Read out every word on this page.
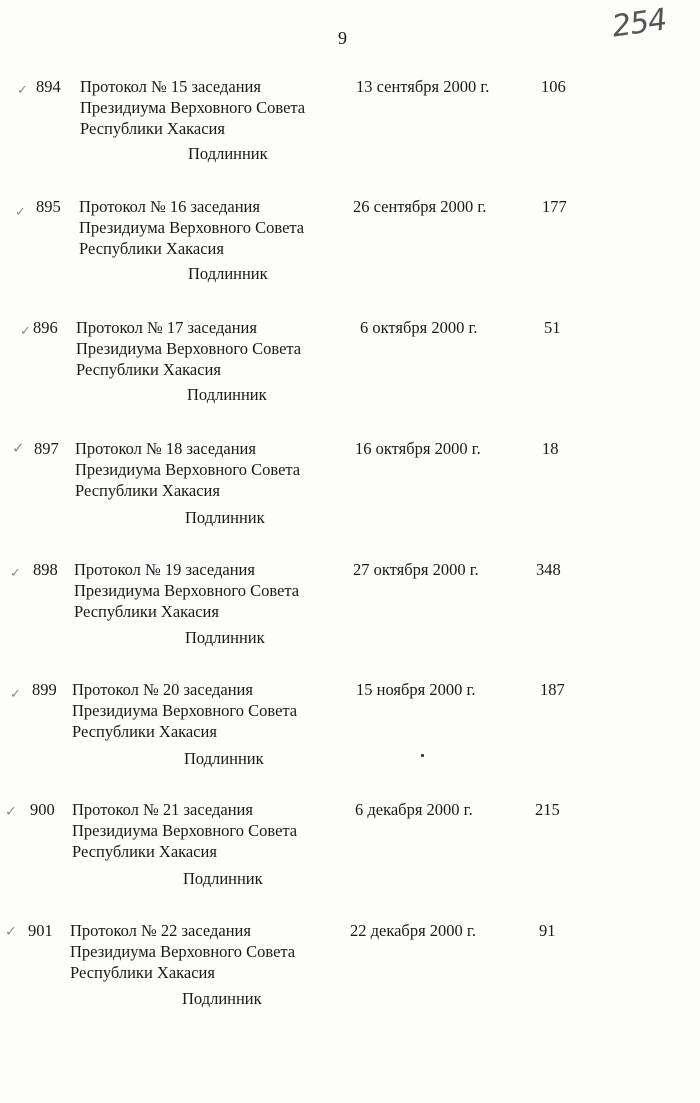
9	254
✓ 894 Протокол № 15 заседания
Президиума Верховного Совета
Республики Хакасия
13 сентября 2000 г.	106
Подлинник
✓ 895 Протокол № 16 заседания
Президиума Верховного Совета
Республики Хакасия
26 сентября 2000 г.	177
Подлинник
✓ 896 Протокол № 17 заседания
Президиума Верховного Совета
Республики Хакасия
6 октября 2000 г.	51
Подлинник
✓ 897 Протокол № 18 заседания
Президиума Верховного Совета
Республики Хакасия
16 октября 2000 г.	18
Подлинник
✓ 898 Протокол № 19 заседания
Президиума Верховного Совета
Республики Хакасия
27 октября 2000 г.	348
Подлинник
✓ 899 Протокол № 20 заседания
Президиума Верховного Совета
Республики Хакасия
15 ноября 2000 г.	187
Подлинник
✓ 900 Протокол № 21 заседания
Президиума Верховного Совета
Республики Хакасия
6 декабря 2000 г.	215
Подлинник
✓ 901 Протокол № 22 заседания
Президиума Верховного Совета
Республики Хакасия
22 декабря 2000 г.	91
Подлинник
